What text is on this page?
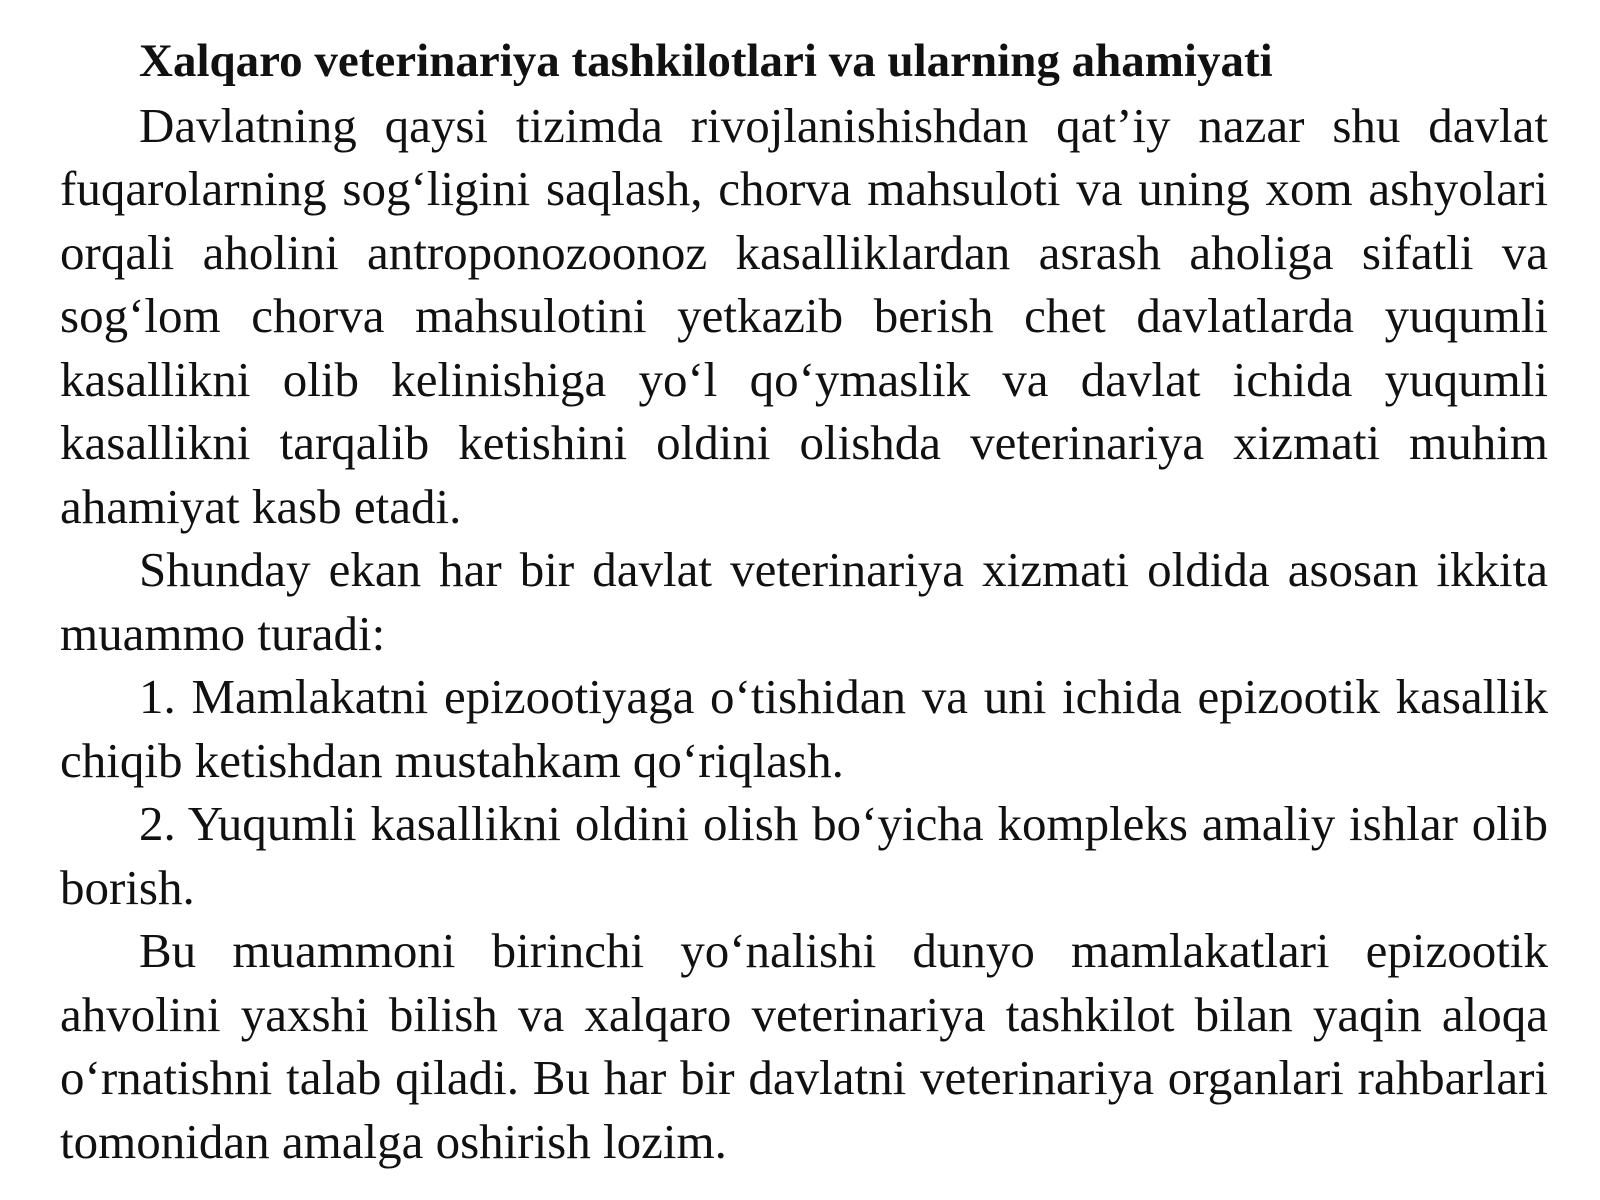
Xalqaro veterinariya tashkilotlari va ularning ahamiyati

Davlatning qaysi tizimda rivojlanishishdan qat’iy nazar shu davlat fuqarolarning sog‘ligini saqlash, chorva mahsuloti va uning xom ashyolari orqali aholini antroponozoonoz kasalliklardan asrash aholiga sifatli va sog‘lom chorva mahsulotini yetkazib berish chet davlatlarda yuqumli kasallikni olib kelinishiga yo‘l qo‘ymaslik va davlat ichida yuqumli kasallikni tarqalib ketishini oldini olishda veterinariya xizmati muhim ahamiyat kasb etadi.

Shunday ekan har bir davlat veterinariya xizmati oldida asosan ikkita muammo turadi:

1. Mamlakatni epizootiyaga o‘tishidan va uni ichida epizootik kasallik chiqib ketishdan mustahkam qo‘riqlash.

2. Yuqumli kasallikni oldini olish bo‘yicha kompleks amaliy ishlar olib borish.

Bu muammoni birinchi yo‘nalishi dunyo mamlakatlari epizootik ahvolini yaxshi bilish va xalqaro veterinariya tashkilot bilan yaqin aloqa o‘rnatishni talab qiladi. Bu har bir davlatni veterinariya organlari rahbarlari tomonidan amalga oshirish lozim.
